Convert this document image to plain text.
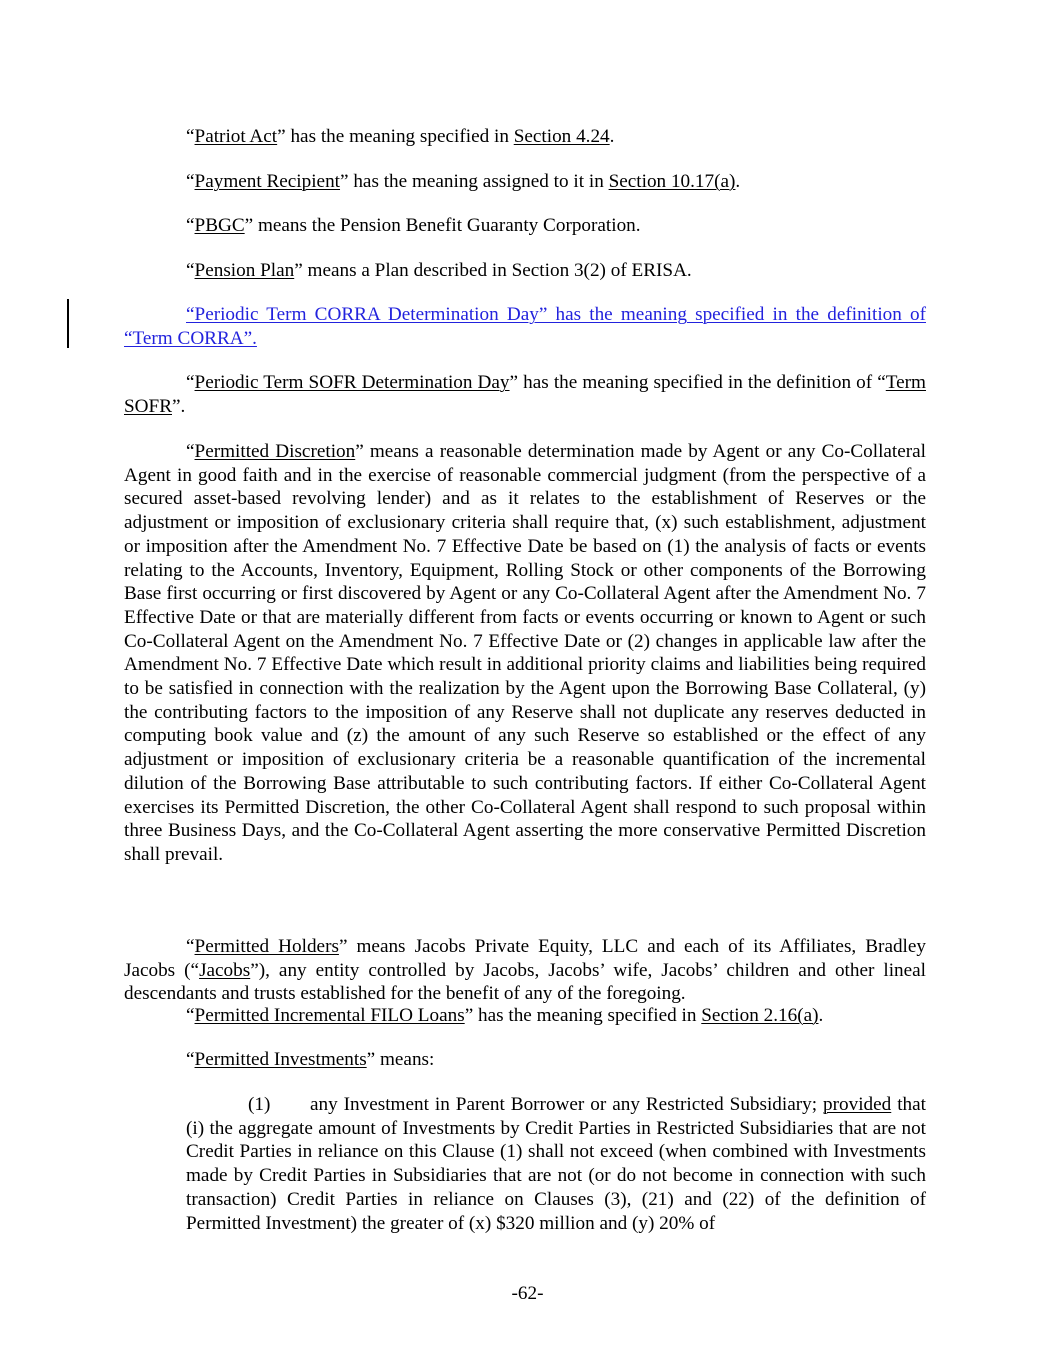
“Patriot Act” has the meaning specified in Section 4.24.

“Payment Recipient” has the meaning assigned to it in Section 10.17(a).

“PBGC” means the Pension Benefit Guaranty Corporation.

“Pension Plan” means a Plan described in Section 3(2) of ERISA.

“Periodic Term CORRA Determination Day” has the meaning specified in the definition of “Term CORRA”.

“Periodic Term SOFR Determination Day” has the meaning specified in the definition of “Term SOFR”.

“Permitted Discretion” means a reasonable determination made by Agent or any Co-Collateral Agent in good faith and in the exercise of reasonable commercial judgment (from the perspective of a secured asset-based revolving lender) and as it relates to the establishment of Reserves or the adjustment or imposition of exclusionary criteria shall require that, (x) such establishment, adjustment or imposition after the Amendment No. 7 Effective Date be based on (1) the analysis of facts or events relating to the Accounts, Inventory, Equipment, Rolling Stock or other components of the Borrowing Base first occurring or first discovered by Agent or any Co-Collateral Agent after the Amendment No. 7 Effective Date or that are materially different from facts or events occurring or known to Agent or such Co-Collateral Agent on the Amendment No. 7 Effective Date or (2) changes in applicable law after the Amendment No. 7 Effective Date which result in additional priority claims and liabilities being required to be satisfied in connection with the realization by the Agent upon the Borrowing Base Collateral, (y) the contributing factors to the imposition of any Reserve shall not duplicate any reserves deducted in computing book value and (z) the amount of any such Reserve so established or the effect of any adjustment or imposition of exclusionary criteria be a reasonable quantification of the incremental dilution of the Borrowing Base attributable to such contributing factors. If either Co-Collateral Agent exercises its Permitted Discretion, the other Co-Collateral Agent shall respond to such proposal within three Business Days, and the Co-Collateral Agent asserting the more conservative Permitted Discretion shall prevail.

“Permitted Holders” means Jacobs Private Equity, LLC and each of its Affiliates, Bradley Jacobs (“Jacobs”), any entity controlled by Jacobs, Jacobs’ wife, Jacobs’ children and other lineal descendants and trusts established for the benefit of any of the foregoing.

“Permitted Incremental FILO Loans” has the meaning specified in Section 2.16(a).

“Permitted Investments” means:

(1) any Investment in Parent Borrower or any Restricted Subsidiary; provided that (i) the aggregate amount of Investments by Credit Parties in Restricted Subsidiaries that are not Credit Parties in reliance on this Clause (1) shall not exceed (when combined with Investments made by Credit Parties in Subsidiaries that are not (or do not become in connection with such transaction) Credit Parties in reliance on Clauses (3), (21) and (22) of the definition of Permitted Investment) the greater of (x) $320 million and (y) 20% of

-62-
